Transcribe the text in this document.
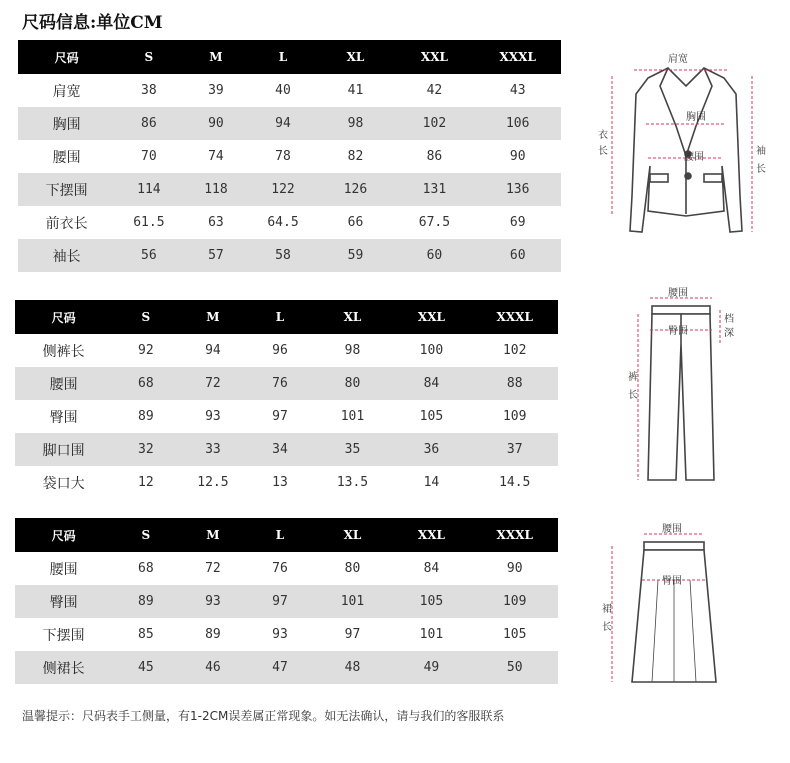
尺码信息:单位CM
尺码	S	M	L	XL	XXL	XXXL
肩宽	38	39	40	41	42	43
胸围	86	90	94	98	102	106
腰围	70	74	78	82	86	90
下摆围	114	118	122	126	131	136
前衣长	61.5	63	64.5	66	67.5	69
袖长	56	57	58	59	60	60
尺码	S	M	L	XL	XXL	XXXL
侧裤长	92	94	96	98	100	102
腰围	68	72	76	80	84	88
臀围	89	93	97	101	105	109
脚口围	32	33	34	35	36	37
袋口大	12	12.5	13	13.5	14	14.5
尺码	S	M	L	XL	XXL	XXXL
腰围	68	72	76	80	84	90
臀围	89	93	97	101	105	109
下摆围	85	89	93	97	101	105
侧裙长	45	46	47	48	49	50
肩宽
胸围
腰围
衣
长	袖
长
腰围
臀围
档
深
裤
长
腰围
臀围
裙
长
温馨提示：尺码表手工侧量，有1-2CM误差属正常现象。如无法确认，请与我们的客服联系
